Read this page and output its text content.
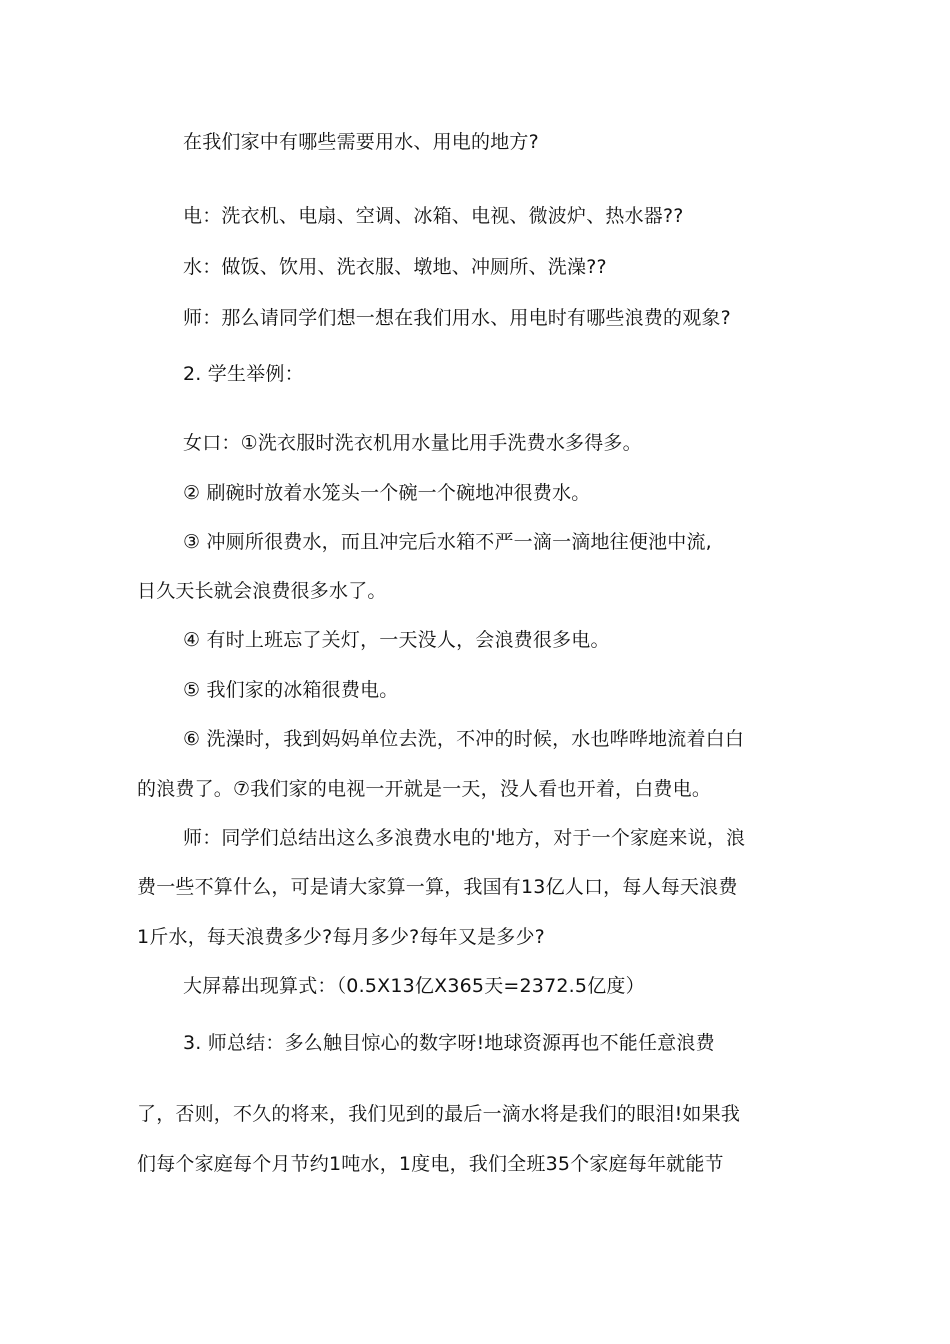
在我们家中有哪些需要用水、用电的地方?
电：洗衣机、电扇、空调、冰箱、电视、微波炉、热水器??
水：做饭、饮用、洗衣服、墩地、冲厕所、洗澡??
师：那么请同学们想一想在我们用水、用电时有哪些浪费的观象?
2. 学生举例：
女口：①洗衣服时洗衣机用水量比用手洗费水多得多。
② 刷碗时放着水笼头一个碗一个碗地冲很费水。
③ 冲厕所很费水，而且冲完后水箱不严一滴一滴地往便池中流,
日久天长就会浪费很多水了。
④ 有时上班忘了关灯，一天没人，会浪费很多电。
⑤ 我们家的冰箱很费电。
⑥ 洗澡时，我到妈妈单位去洗，不冲的时候，水也哗哗地流着白白
的浪费了。⑦我们家的电视一开就是一天，没人看也开着，白费电。
师：同学们总结出这么多浪费水电的'地方，对于一个家庭来说，浪
费一些不算什么，可是请大家算一算，我国有13亿人口，每人每天浪费
1斤水，每天浪费多少?每月多少?每年又是多少?
大屏幕出现算式：（0.5X13亿X365天=2372.5亿度）
3. 师总结：多么触目惊心的数字呀!地球资源再也不能任意浪费
了，否则，不久的将来，我们见到的最后一滴水将是我们的眼泪!如果我
们每个家庭每个月节约1吨水，1度电，我们全班35个家庭每年就能节
